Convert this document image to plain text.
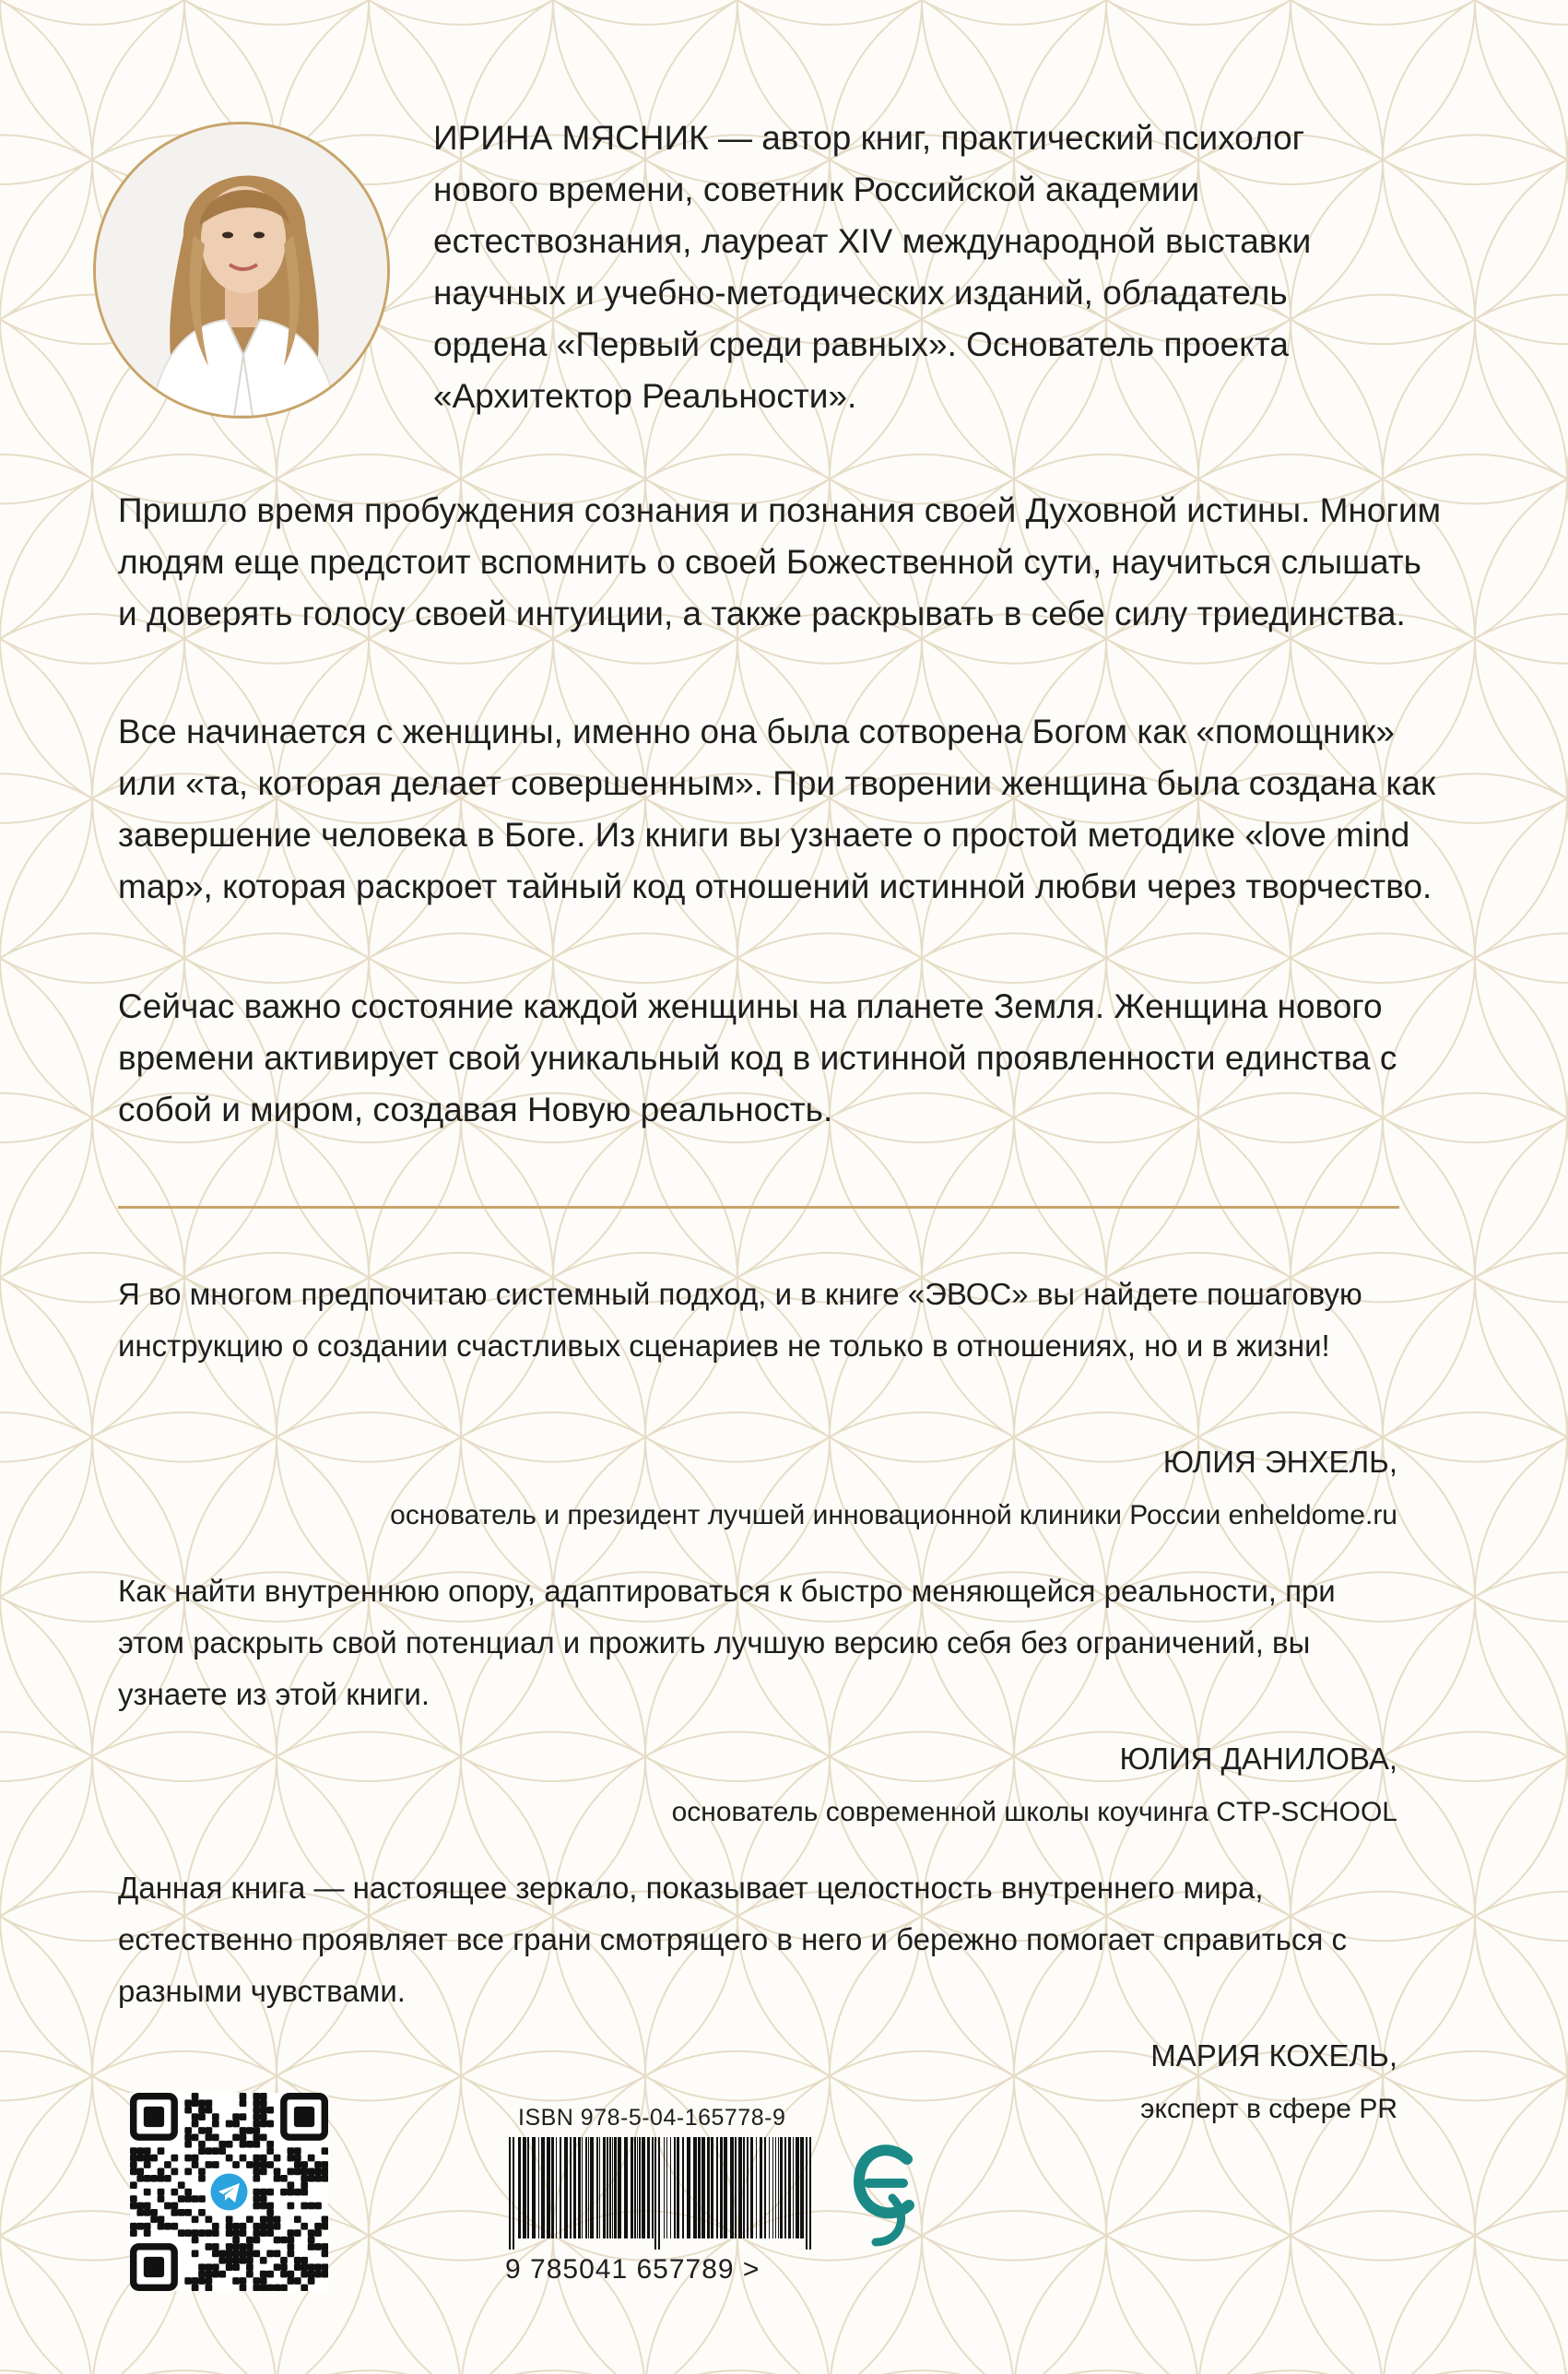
ИРИНА МЯСНИК — автор книг, практический психолог нового времени, советник Российской академии естествознания, лауреат XIV международной выставки научных и учебно-методических изданий, обладатель ордена «Первый среди равных». Основатель проекта «Архитектор Реальности».
Пришло время пробуждения сознания и познания своей Духовной истины. Многим людям еще предстоит вспомнить о своей Божественной сути, научиться слышать и доверять голосу своей интуиции, а также раскрывать в себе силу триединства.
Все начинается с женщины, именно она была сотворена Богом как «помощник» или «та, которая делает совершенным». При творении женщина была создана как завершение человека в Боге. Из книги вы узнаете о простой методике «love mind map», которая раскроет тайный код отношений истинной любви через творчество.
Сейчас важно состояние каждой женщины на планете Земля. Женщина нового времени активирует свой уникальный код в истинной проявленности единства с собой и миром, создавая Новую реальность.
Я во многом предпочитаю системный подход, и в книге «ЭВОС» вы найдете пошаговую инструкцию о создании счастливых сценариев не только в отношениях, но и в жизни!
ЮЛИЯ ЭНХЕЛЬ,
основатель и президент лучшей инновационной клиники России enheldome.ru
Как найти внутреннюю опору, адаптироваться к быстро меняющейся реальности, при этом раскрыть свой потенциал и прожить лучшую версию себя без ограничений, вы узнаете из этой книги.
ЮЛИЯ ДАНИЛОВА,
основатель современной школы коучинга CTP-SCHOOL
Данная книга — настоящее зеркало, показывает целостность внутреннего мира, естественно проявляет все грани смотрящего в него и бережно помогает справиться с разными чувствами.
МАРИЯ КОХЕЛЬ,
эксперт в сфере PR
ISBN 978-5-04-165778-9
9 785041 657789 >
